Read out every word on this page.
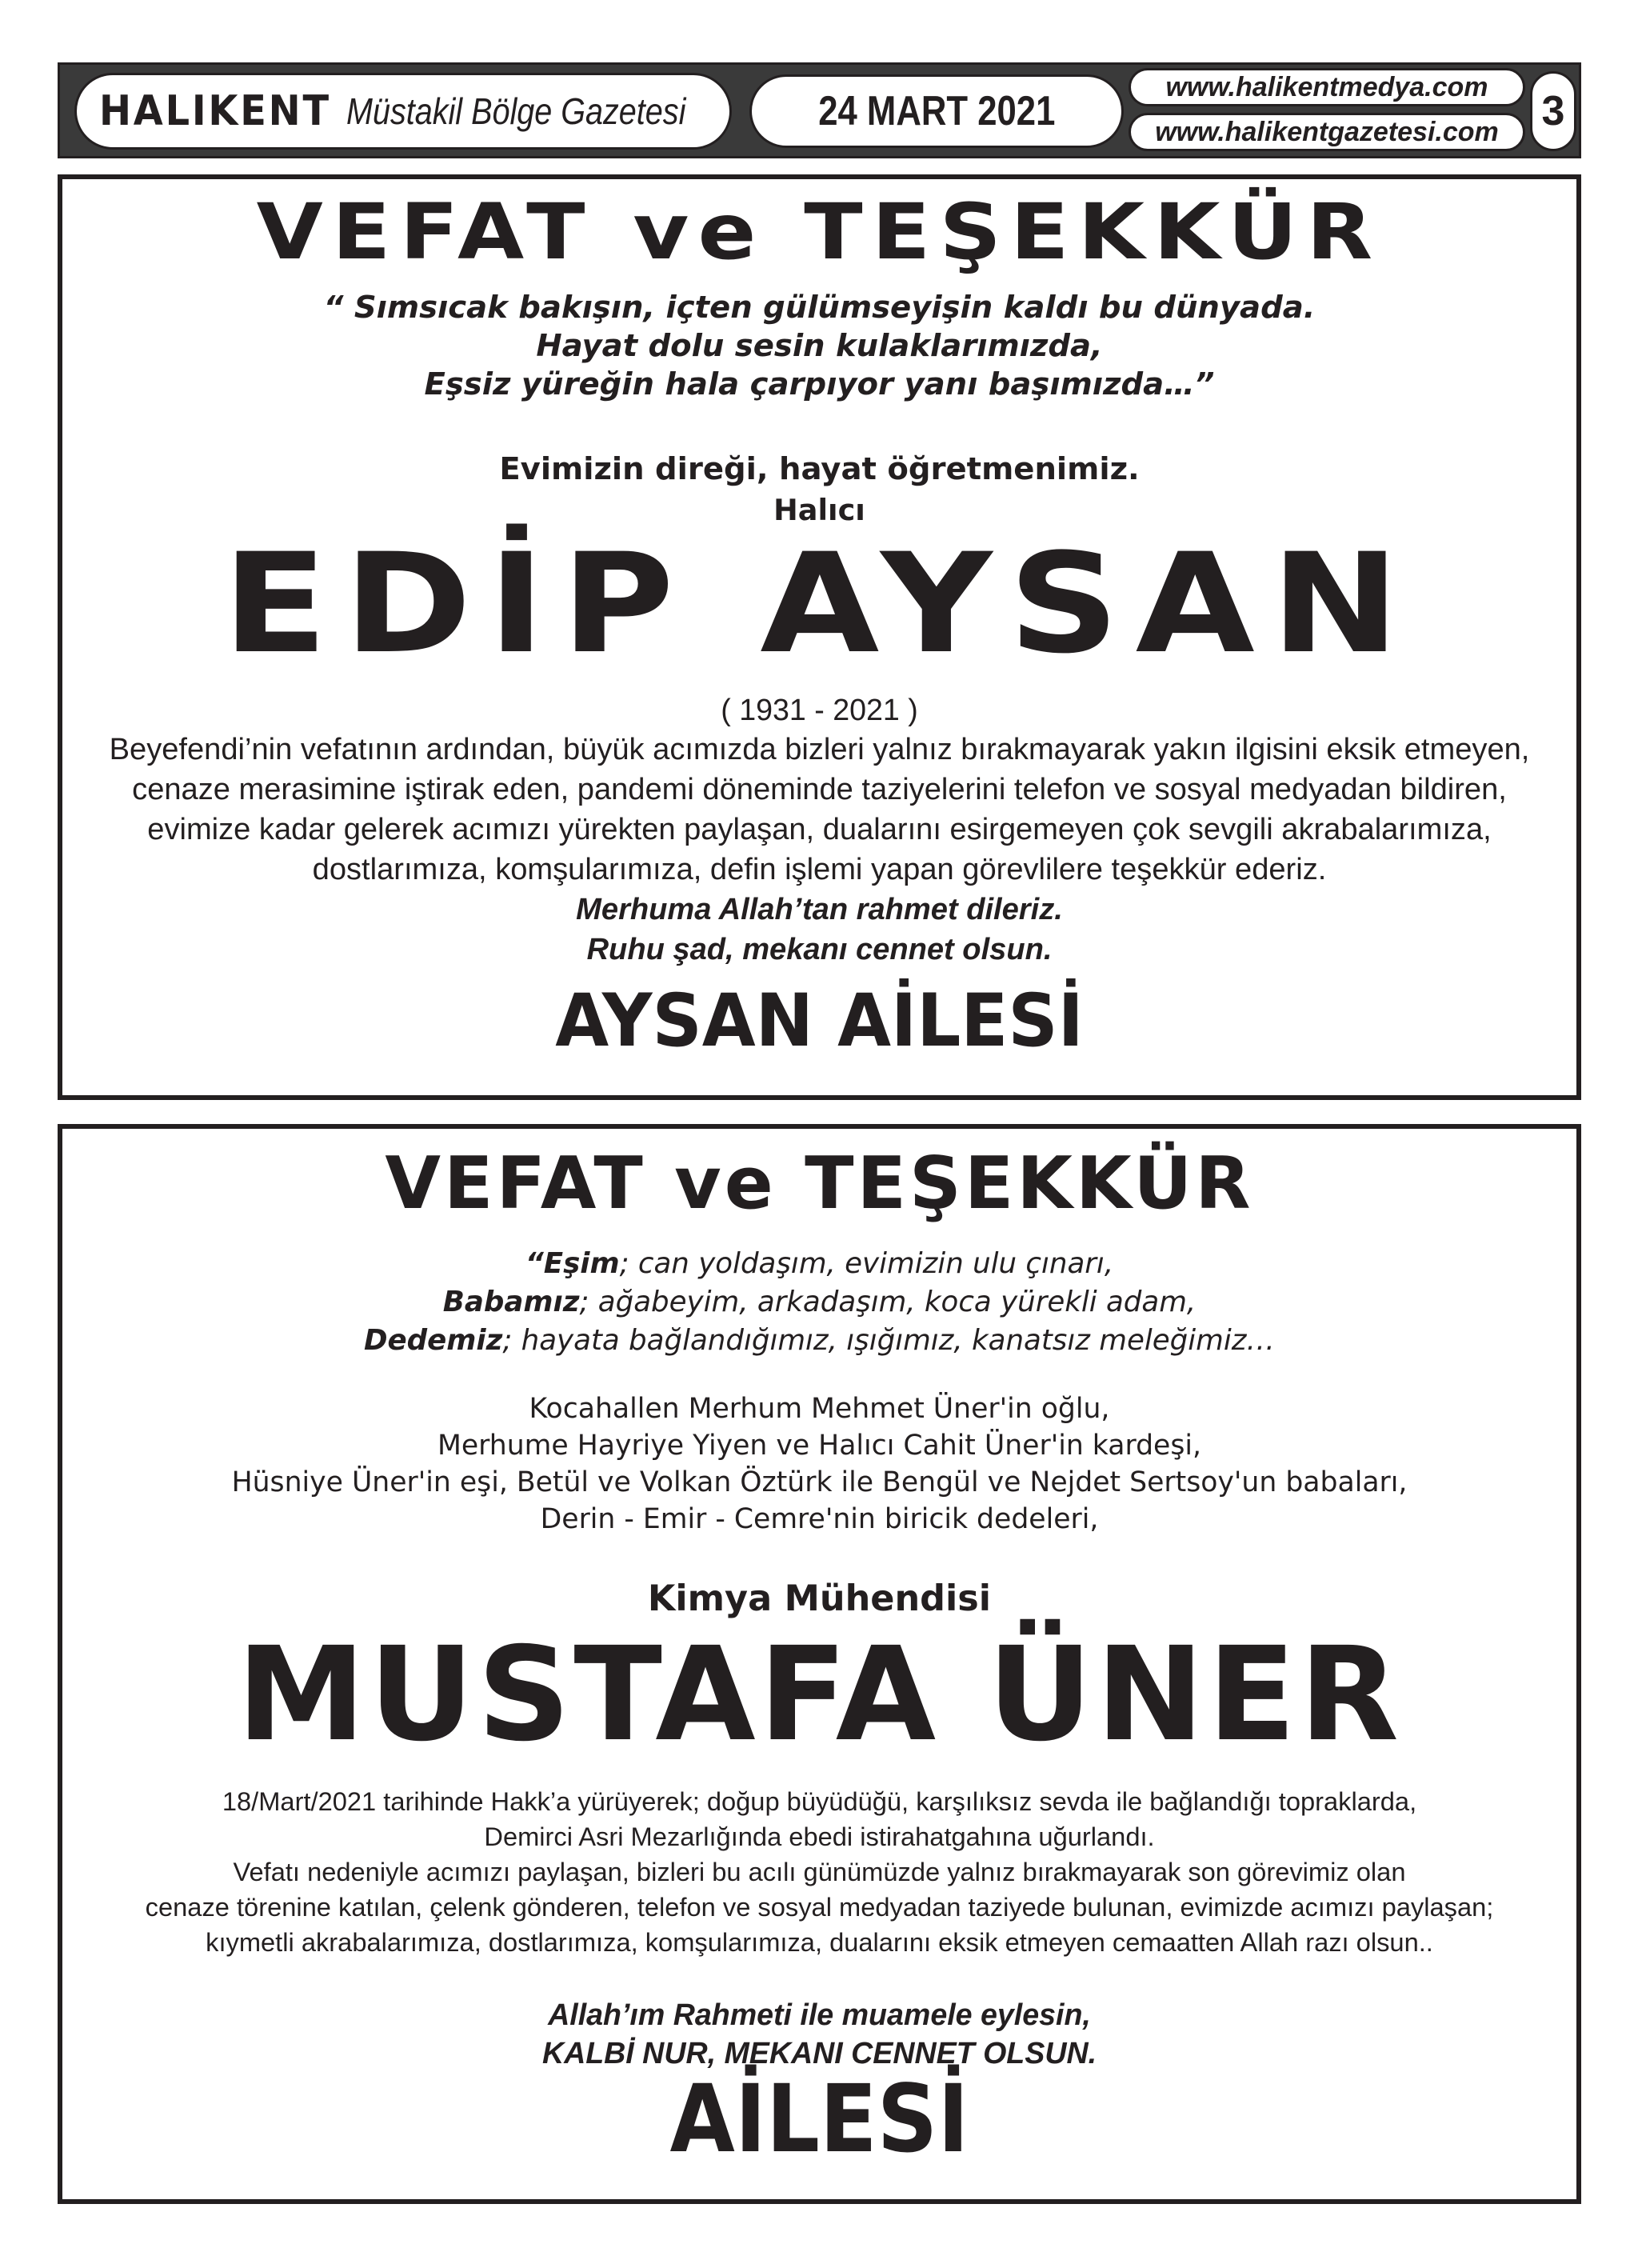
HALIKENT Müstakil Bölge Gazetesi	24 MART 2021
www.halikentmedya.com
www.halikentgazetesi.com 3
VEFAT ve TEŞEKKÜR
“ Sımsıcak bakışın, içten gülümseyişin kaldı bu dünyada.
Hayat dolu sesin kulaklarımızda,
Eşsiz yüreğin hala çarpıyor yanı başımızda…”
Evimizin direği, hayat öğretmenimiz.
Halıcı
EDİP AYSAN
( 1931 - 2021 )
Beyefendi’nin vefatının ardından, büyük acımızda bizleri yalnız bırakmayarak yakın ilgisini eksik etmeyen,
cenaze merasimine iştirak eden, pandemi döneminde taziyelerini telefon ve sosyal medyadan bildiren,
evimize kadar gelerek acımızı yürekten paylaşan, dualarını esirgemeyen çok sevgili akrabalarımıza,
dostlarımıza, komşularımıza, defin işlemi yapan görevlilere teşekkür ederiz.
Merhuma Allah’tan rahmet dileriz.
Ruhu şad, mekanı cennet olsun.
AYSAN AİLESİ
VEFAT ve TEŞEKKÜR
“Eşim; can yoldaşım, evimizin ulu çınarı,
Babamız; ağabeyim, arkadaşım, koca yürekli adam,
Dedemiz; hayata bağlandığımız, ışığımız, kanatsız meleğimiz…
Kocahallen Merhum Mehmet Üner'in oğlu,
Merhume Hayriye Yiyen ve Halıcı Cahit Üner'in kardeşi,
Hüsniye Üner'in eşi, Betül ve Volkan Öztürk ile Bengül ve Nejdet Sertsoy'un babaları,
Derin - Emir - Cemre'nin biricik dedeleri,
Kimya Mühendisi
MUSTAFA ÜNER
18/Mart/2021 tarihinde Hakk’a yürüyerek; doğup büyüdüğü, karşılıksız sevda ile bağlandığı topraklarda,
Demirci Asri Mezarlığında ebedi istirahatgahına uğurlandı.
Vefatı nedeniyle acımızı paylaşan, bizleri bu acılı günümüzde yalnız bırakmayarak son görevimiz olan
cenaze törenine katılan, çelenk gönderen, telefon ve sosyal medyadan taziyede bulunan, evimizde acımızı paylaşan;
kıymetli akrabalarımıza, dostlarımıza, komşularımıza, dualarını eksik etmeyen cemaatten Allah razı olsun..
Allah’ım Rahmeti ile muamele eylesin,
KALBİ NUR, MEKANI CENNET OLSUN.
AİLESİ
